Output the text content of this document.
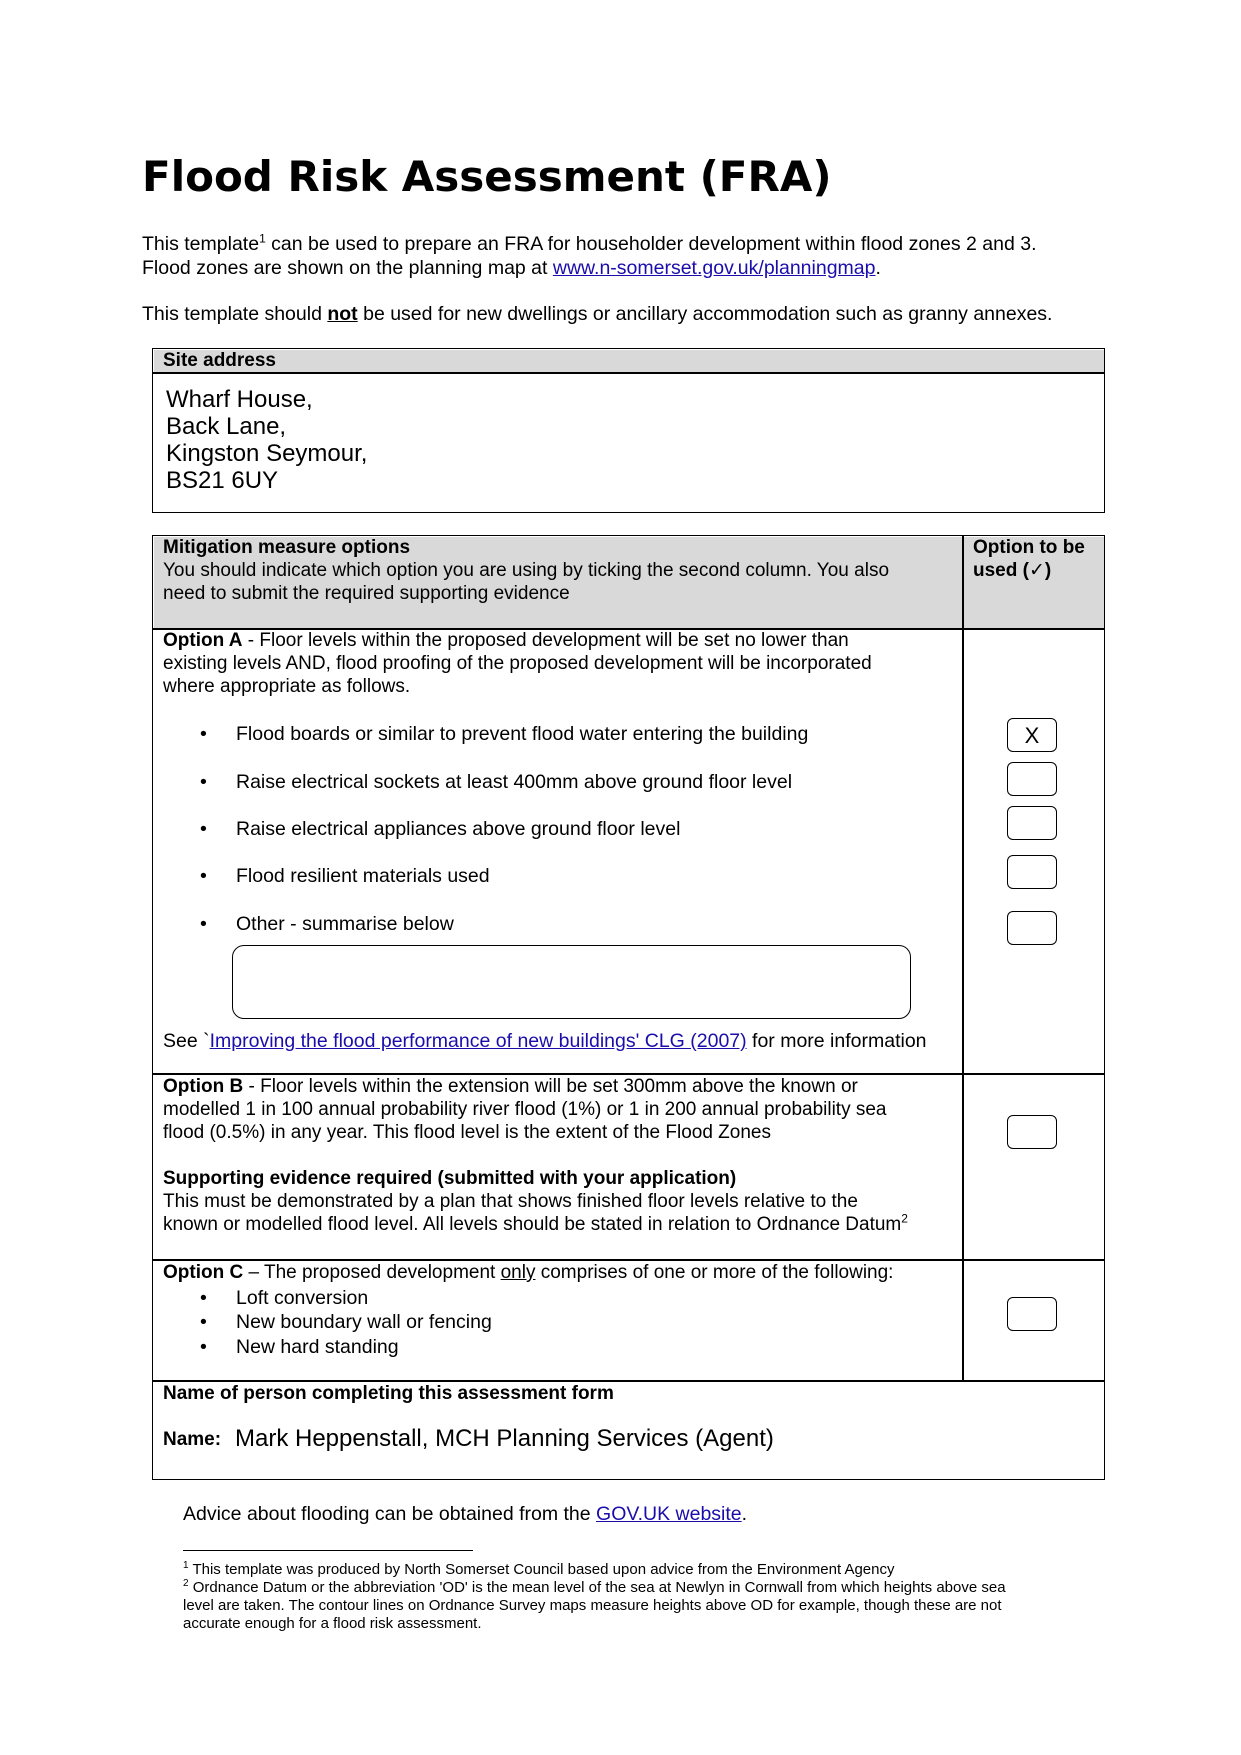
Flood Risk Assessment (FRA)
This template$^1$ can be used to prepare an FRA for householder development within flood zones 2 and 3.
Flood zones are shown on the planning map at www.n-somerset.gov.uk/planningmap.
This template should not be used for new dwellings or ancillary accommodation such as granny annexes.
Site address
Wharf House,
Back Lane,
Kingston Seymour,
BS21 6UY
Mitigation measure options
You should indicate which option you are using by ticking the second column. You also
need to submit the required supporting evidence
Option to be
used (✓)
Option A - Floor levels within the proposed development will be set no lower than
existing levels AND, flood proofing of the proposed development will be incorporated
where appropriate as follows.
• Flood boards or similar to prevent flood water entering the building
• Raise electrical sockets at least 400mm above ground floor level
• Raise electrical appliances above ground floor level
• Flood resilient materials used
• Other - summarise below
X
See `Improving the flood performance of new buildings' CLG (2007) for more information
Option B - Floor levels within the extension will be set 300mm above the known or
modelled 1 in 100 annual probability river flood (1%) or 1 in 200 annual probability sea
flood (0.5%) in any year. This flood level is the extent of the Flood Zones
Supporting evidence required (submitted with your application)
This must be demonstrated by a plan that shows finished floor levels relative to the
known or modelled flood level. All levels should be stated in relation to Ordnance Datum$^2$
Option C – The proposed development only comprises of one or more of the following:
• Loft conversion
• New boundary wall or fencing
• New hard standing
Name of person completing this assessment form
Name: Mark Heppenstall, MCH Planning Services (Agent)
Advice about flooding can be obtained from the GOV.UK website.
$^1$ This template was produced by North Somerset Council based upon advice from the Environment Agency
$^2$ Ordnance Datum or the abbreviation 'OD' is the mean level of the sea at Newlyn in Cornwall from which heights above sea
level are taken. The contour lines on Ordnance Survey maps measure heights above OD for example, though these are not
accurate enough for a flood risk assessment.
